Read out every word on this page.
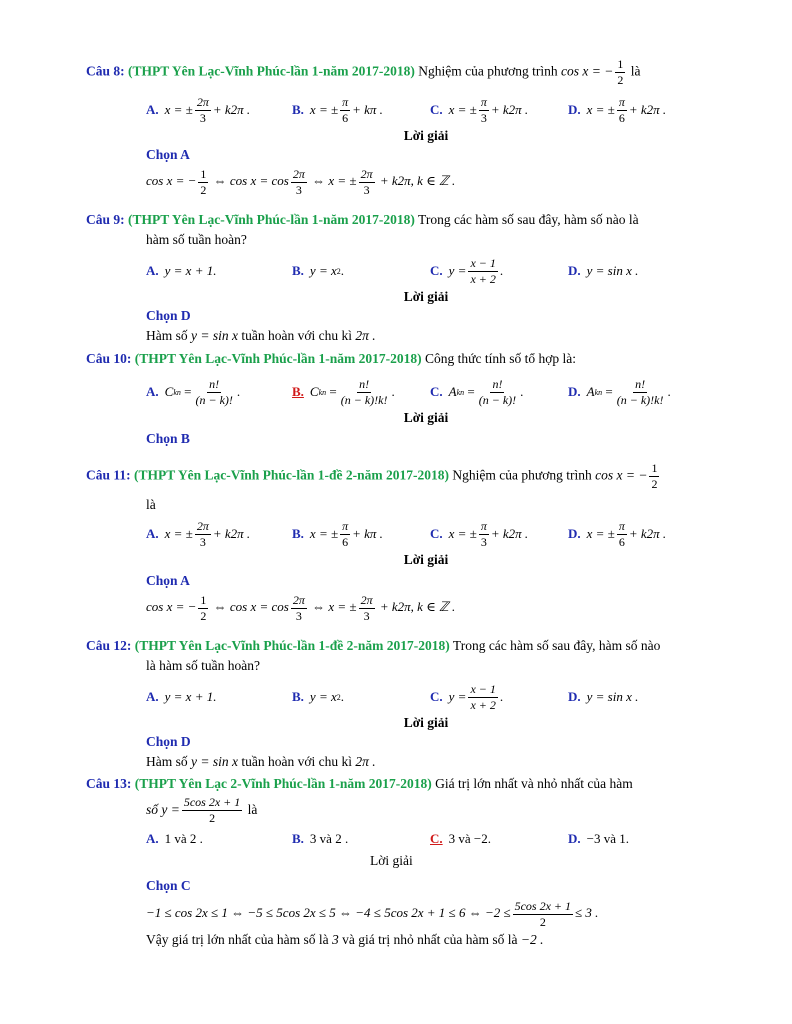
Câu 8: (THPT Yên Lạc-Vĩnh Phúc-lần 1-năm 2017-2018) Nghiệm của phương trình cos x = − $\frac{1}{2}$ là
A. x = ± $\frac{2\pi}{3} + k2\pi$ .	B. x = ± $\frac{\pi}{6} + k\pi$ .	C. x = ± $\frac{\pi}{3} + k2\pi$ .	D. x = ± $\frac{\pi}{6} + k2\pi$ .
Lời giải
Chọn A
cos x = − $\frac{1}{2}$ ⇔ $\cos x = \cos \frac{2\pi}{3}$ ⇔ x = ± $\frac{2\pi}{3} + k2\pi$, k ∈ ℤ .
Câu 9: (THPT Yên Lạc-Vĩnh Phúc-lần 1-năm 2017-2018) Trong các hàm số sau đây, hàm số nào là
hàm số tuần hoàn?
A. y = x + 1.	B. y = x 2 .	C. $y = \frac{x - 1}{x + 2}$ .	D. y = sin x .
Lời giải
Chọn D
Hàm số y = sin x tuần hoàn với chu kì 2π .
Câu 10: (THPT Yên Lạc-Vĩnh Phúc-lần 1-năm 2017-2018) Công thức tính số tổ hợp là:
A. C k $n = \frac{n!}{(n - k)!}$ .	B. C k $n = \frac{n!}{(n - k)!k!}$ .	C. A k $n = \frac{n!}{(n - k)!}$ .	D. A k $n = \frac{n!}{(n - k)!k!}$ .
Lời giải
Chọn B
Câu 11: (THPT Yên Lạc-Vĩnh Phúc-lần 1-đề 2-năm 2017-2018) Nghiệm của phương trình cos x = − $\frac{1}{2}$
là
A. x = ± $\frac{2\pi}{3} + k2\pi$ .	B. x = ± $\frac{\pi}{6} + k\pi$ .	C. x = ± $\frac{\pi}{3} + k2\pi$ .	D. x = ± $\frac{\pi}{6} + k2\pi$ .
Lời giải
Chọn A
cos x = − $\frac{1}{2}$ ⇔ $\cos x = \cos \frac{2\pi}{3}$ ⇔ x = ± $\frac{2\pi}{3} + k2\pi$, k ∈ ℤ .
Câu 12: (THPT Yên Lạc-Vĩnh Phúc-lần 1-đề 2-năm 2017-2018) Trong các hàm số sau đây, hàm số nào
là hàm số tuần hoàn?
A. y = x + 1.	B. y = x 2 .	C. $y = \frac{x - 1}{x + 2}$ .	D. y = sin x .
Lời giải
Chọn D
Hàm số y = sin x tuần hoàn với chu kì 2π .
Câu 13: (THPT Yên Lạc 2-Vĩnh Phúc-lần 1-năm 2017-2018) Giá trị lớn nhất và nhỏ nhất của hàm
số $y = \frac{5\cos 2x + 1}{2}$ là
A. 1 và 2 .	B. 3 và 2 .	C. 3 và −2.	D. −3 và 1.
Lời giải
Chọn C
−1 ≤ cos 2x ≤ 1 ⇔ −5 ≤ 5cos 2x ≤ 5 ⇔ −4 ≤ 5cos 2x + 1 ≤ 6 ⇔ $-2 \le \frac{5\cos 2x + 1}{2} \le 3$ .
Vậy giá trị lớn nhất của hàm số là 3 và giá trị nhỏ nhất của hàm số là −2 .
